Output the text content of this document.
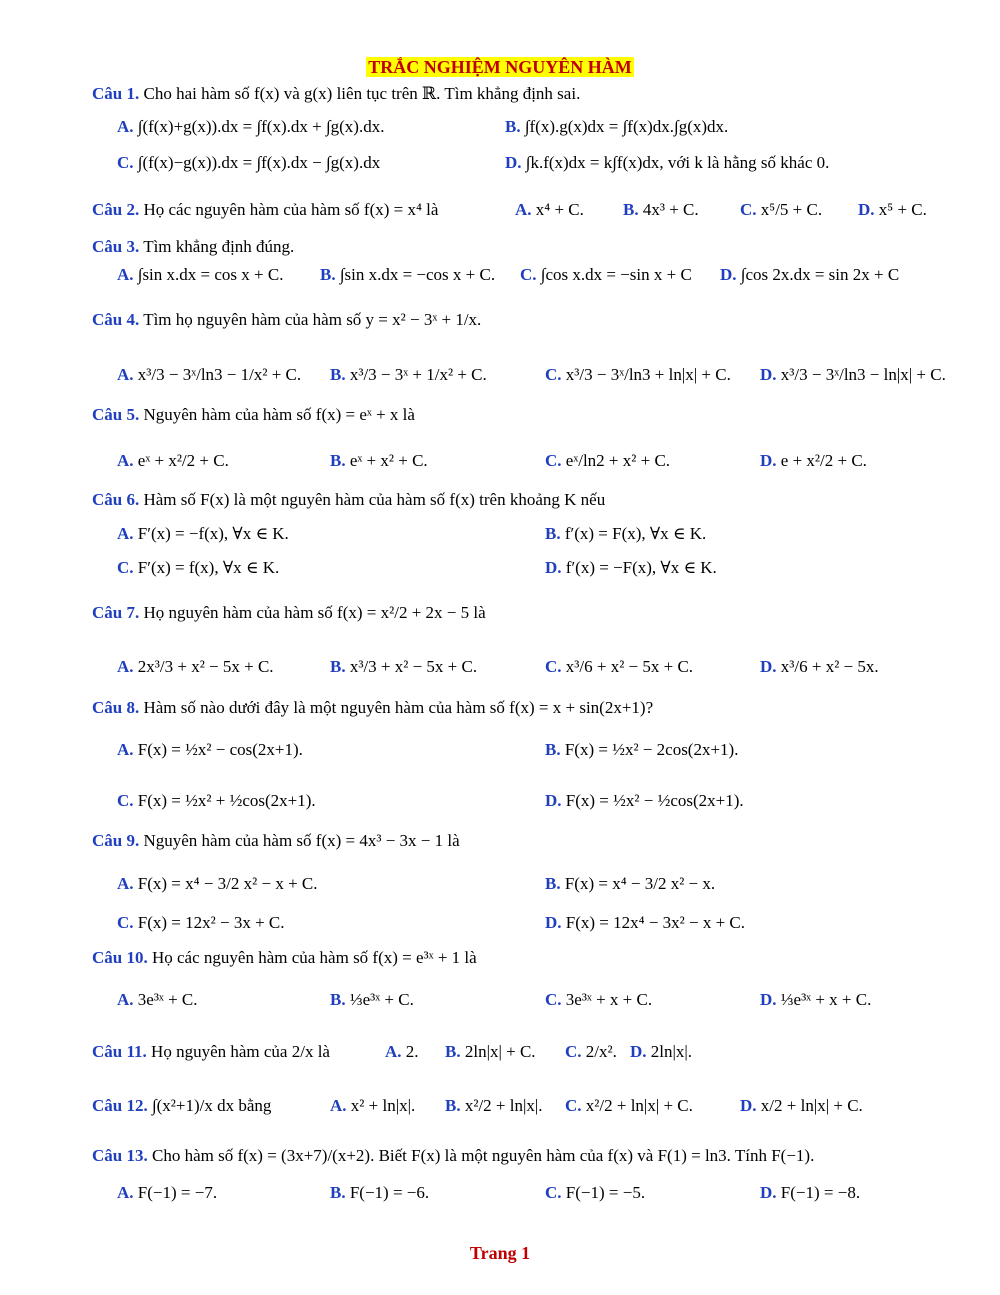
TRẮC NGHIỆM NGUYÊN HÀM
Câu 1. Cho hai hàm số f(x) và g(x) liên tục trên ℝ. Tìm khẳng định sai.
A. ∫(f(x)+g(x)).dx = ∫f(x).dx + ∫g(x).dx.	B. ∫f(x).g(x)dx = ∫f(x)dx.∫g(x)dx.
C. ∫(f(x)−g(x)).dx = ∫f(x).dx − ∫g(x).dx	D. ∫k.f(x)dx = k∫f(x)dx, với k là hằng số khác 0.
Câu 2. Họ các nguyên hàm của hàm số f(x) = x⁴ là	A. x⁴ + C. B. 4x³ + C. C. x⁵/5 + C. D. x⁵ + C.
Câu 3. Tìm khẳng định đúng.
A. ∫sin x.dx = cos x + C. B. ∫sin x.dx = −cos x + C. C. ∫cos x.dx = −sin x + C D. ∫cos 2x.dx = sin 2x + C
Câu 4. Tìm họ nguyên hàm của hàm số y = x² − 3ˣ + 1/x.
A. x³/3 − 3ˣ/ln3 − 1/x² + C. B. x³/3 − 3ˣ + 1/x² + C.	C. x³/3 − 3ˣ/ln3 + ln|x| + C. D. x³/3 − 3ˣ/ln3 − ln|x| + C.
Câu 5. Nguyên hàm của hàm số f(x) = eˣ + x là
A. eˣ + x²/2 + C.	B. eˣ + x² + C.	C. eˣ/ln2 + x² + C.	D. e + x²/2 + C.
Câu 6. Hàm số F(x) là một nguyên hàm của hàm số f(x) trên khoảng K nếu
A. F′(x) = −f(x), ∀x ∈ K.	B. f′(x) = F(x), ∀x ∈ K.
C. F′(x) = f(x), ∀x ∈ K.	D. f′(x) = −F(x), ∀x ∈ K.
Câu 7. Họ nguyên hàm của hàm số f(x) = x²/2 + 2x − 5 là
A. 2x³/3 + x² − 5x + C.	B. x³/3 + x² − 5x + C.	C. x³/6 + x² − 5x + C.	D. x³/6 + x² − 5x.
Câu 8. Hàm số nào dưới đây là một nguyên hàm của hàm số f(x) = x + sin(2x+1)?
A. F(x) = ½x² − cos(2x+1).	B. F(x) = ½x² − 2cos(2x+1).
C. F(x) = ½x² + ½cos(2x+1).	D. F(x) = ½x² − ½cos(2x+1).
Câu 9. Nguyên hàm của hàm số f(x) = 4x³ − 3x − 1 là
A. F(x) = x⁴ − 3/2 x² − x + C.	B. F(x) = x⁴ − 3/2 x² − x.
C. F(x) = 12x² − 3x + C.	D. F(x) = 12x⁴ − 3x² − x + C.
Câu 10. Họ các nguyên hàm của hàm số f(x) = e³ˣ + 1 là
A. 3e³ˣ + C.	B. ⅓e³ˣ + C.	C. 3e³ˣ + x + C.	D. ⅓e³ˣ + x + C.
Câu 11. Họ nguyên hàm của 2/x là	A. 2. B. 2ln|x| + C. C. 2/x². D. 2ln|x|.
Câu 12. ∫(x²+1)/x dx bằng	A. x² + ln|x|. B. x²/2 + ln|x|. C. x²/2 + ln|x| + C.	D. x/2 + ln|x| + C.
Câu 13. Cho hàm số f(x) = (3x+7)/(x+2). Biết F(x) là một nguyên hàm của f(x) và F(1) = ln3. Tính F(−1).
A. F(−1) = −7.	B. F(−1) = −6.	C. F(−1) = −5.	D. F(−1) = −8.
Trang 1
